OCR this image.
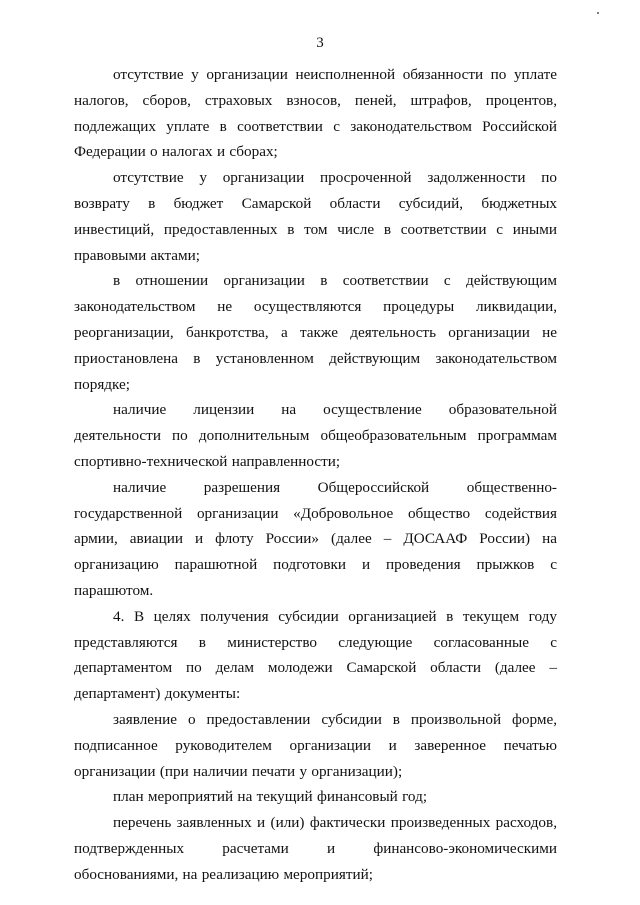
3

отсутствие у организации неисполненной обязанности по уплате налогов, сборов, страховых взносов, пеней, штрафов, процентов, подлежащих уплате в соответствии с законодательством Российской Федерации о налогах и сборах;

отсутствие у организации просроченной задолженности по возврату в бюджет Самарской области субсидий, бюджетных инвестиций, предоставленных в том числе в соответствии с иными правовыми актами;

в отношении организации в соответствии с действующим законодательством не осуществляются процедуры ликвидации, реорганизации, банкротства, а также деятельность организации не приостановлена в установленном действующим законодательством порядке;

наличие лицензии на осуществление образовательной деятельности по дополнительным общеобразовательным программам спортивно-технической направленности;

наличие разрешения Общероссийской общественно-государственной организации «Добровольное общество содействия армии, авиации и флоту России» (далее – ДОСААФ России) на организацию парашютной подготовки и проведения прыжков с парашютом.

4. В целях получения субсидии организацией в текущем году представляются в министерство следующие согласованные с департаментом по делам молодежи Самарской области (далее – департамент) документы:

заявление о предоставлении субсидии в произвольной форме, подписанное руководителем организации и заверенное печатью организации (при наличии печати у организации);

план мероприятий на текущий финансовый год;

перечень заявленных и (или) фактически произведенных расходов, подтвержденных расчетами и финансово-экономическими обоснованиями, на реализацию мероприятий;
